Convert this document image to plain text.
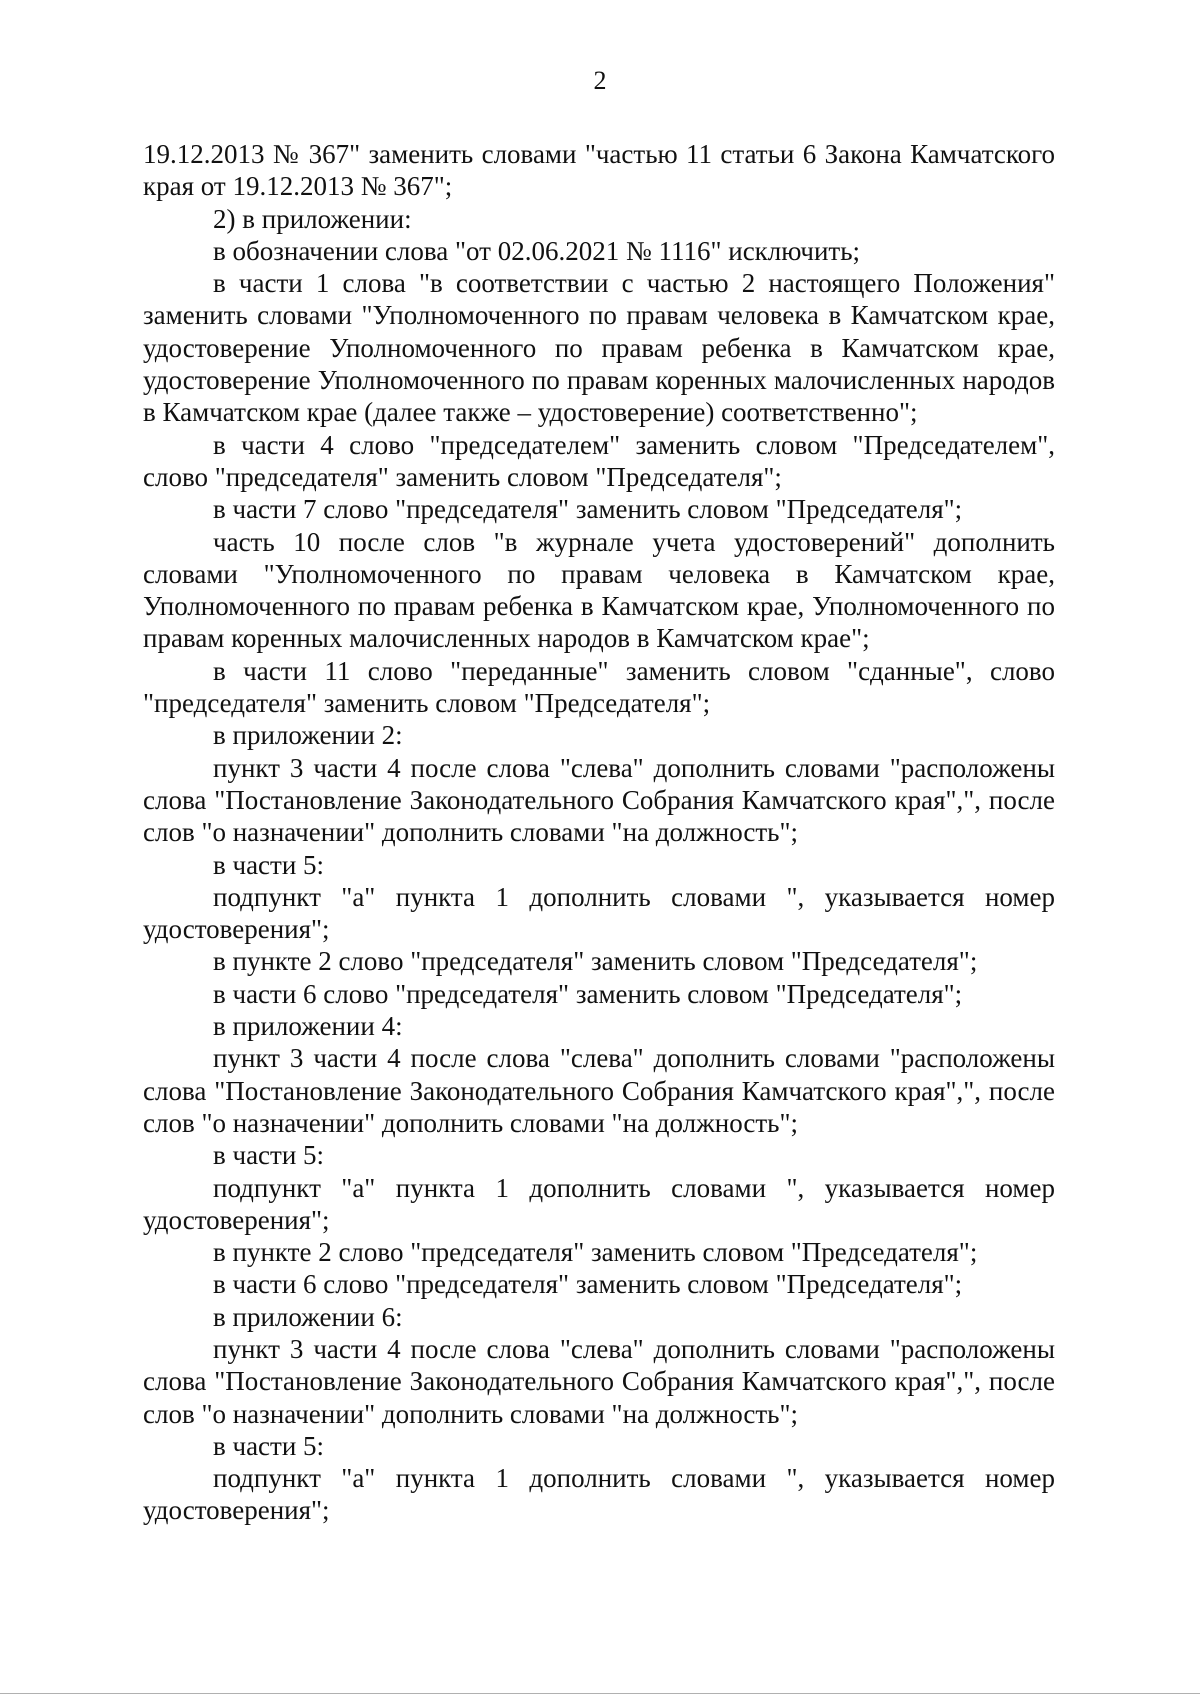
2

19.12.2013 № 367" заменить словами "частью 11 статьи 6 Закона Камчатского края от 19.12.2013 № 367";

2) в приложении:

в обозначении слова "от 02.06.2021 № 1116" исключить;

в части 1 слова "в соответствии с частью 2 настоящего Положения" заменить словами "Уполномоченного по правам человека в Камчатском крае, удостоверение Уполномоченного по правам ребенка в Камчатском крае, удостоверение Уполномоченного по правам коренных малочисленных народов в Камчатском крае (далее также – удостоверение) соответственно";

в части 4 слово "председателем" заменить словом "Председателем", слово "председателя" заменить словом "Председателя";

в части 7 слово "председателя" заменить словом "Председателя";

часть 10 после слов "в журнале учета удостоверений" дополнить словами "Уполномоченного по правам человека в Камчатском крае, Уполномоченного по правам ребенка в Камчатском крае, Уполномоченного по правам коренных малочисленных народов в Камчатском крае";

в части 11 слово "переданные" заменить словом "сданные", слово "председателя" заменить словом "Председателя";

в приложении 2:

пункт 3 части 4 после слова "слева" дополнить словами "расположены слова "Постановление Законодательного Собрания Камчатского края",", после слов "о назначении" дополнить словами "на должность";

в части 5:

подпункт "а" пункта 1 дополнить словами ", указывается номер удостоверения";

в пункте 2 слово "председателя" заменить словом "Председателя";

в части 6 слово "председателя" заменить словом "Председателя";

в приложении 4:

пункт 3 части 4 после слова "слева" дополнить словами "расположены слова "Постановление Законодательного Собрания Камчатского края",", после слов "о назначении" дополнить словами "на должность";

в части 5:

подпункт "а" пункта 1 дополнить словами ", указывается номер удостоверения";

в пункте 2 слово "председателя" заменить словом "Председателя";

в части 6 слово "председателя" заменить словом "Председателя";

в приложении 6:

пункт 3 части 4 после слова "слева" дополнить словами "расположены слова "Постановление Законодательного Собрания Камчатского края",", после слов "о назначении" дополнить словами "на должность";

в части 5:

подпункт "а" пункта 1 дополнить словами ", указывается номер удостоверения";
